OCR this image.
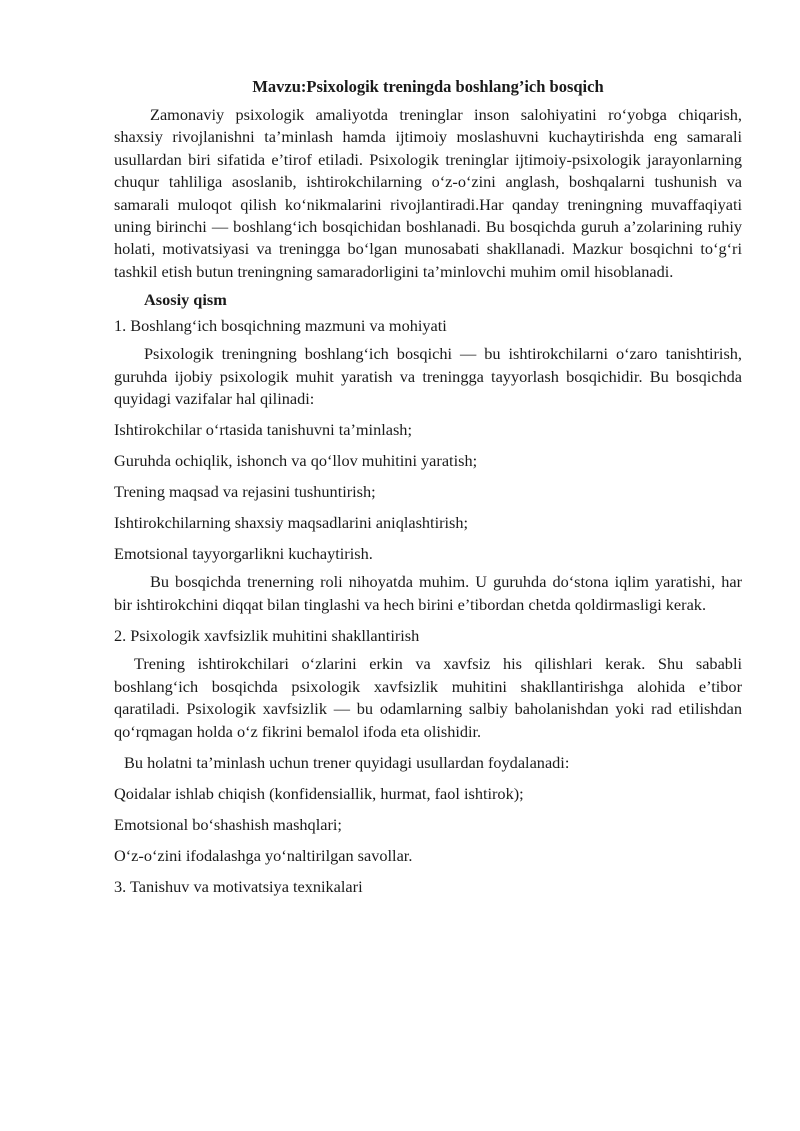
Mavzu:Psixologik treningda boshlang’ich bosqich

Zamonaviy psixologik amaliyotda treninglar inson salohiyatini ro‘yobga chiqarish, shaxsiy rivojlanishni ta’minlash hamda ijtimoiy moslashuvni kuchaytirishda eng samarali usullardan biri sifatida e’tirof etiladi. Psixologik treninglar ijtimoiy-psixologik jarayonlarning chuqur tahliliga asoslanib, ishtirokchilarning o‘z-o‘zini anglash, boshqalarni tushunish va samarali muloqot qilish ko‘nikmalarini rivojlantiradi.Har qanday treningning muvaffaqiyati uning birinchi — boshlang‘ich bosqichidan boshlanadi. Bu bosqichda guruh a’zolarining ruhiy holati, motivatsiyasi va treningga bo‘lgan munosabati shakllanadi. Mazkur bosqichni to‘g‘ri tashkil etish butun treningning samaradorligini ta’minlovchi muhim omil hisoblanadi.

Asosiy qism
1. Boshlang‘ich bosqichning mazmuni va mohiyati

Psixologik treningning boshlang‘ich bosqichi — bu ishtirokchilarni o‘zaro tanishtirish, guruhda ijobiy psixologik muhit yaratish va treningga tayyorlash bosqichidir. Bu bosqichda quyidagi vazifalar hal qilinadi:

Ishtirokchilar o‘rtasida tanishuvni ta’minlash;
Guruhda ochiqlik, ishonch va qo‘llov muhitini yaratish;
Trening maqsad va rejasini tushuntirish;
Ishtirokchilarning shaxsiy maqsadlarini aniqlashtirish;
Emotsional tayyorgarlikni kuchaytirish.

Bu bosqichda trenerning roli nihoyatda muhim. U guruhda do‘stona iqlim yaratishi, har bir ishtirokchini diqqat bilan tinglashi va hech birini e’tibordan chetda qoldirmasligi kerak.

2. Psixologik xavfsizlik muhitini shakllantirish

Trening ishtirokchilari o‘zlarini erkin va xavfsiz his qilishlari kerak. Shu sababli boshlang‘ich bosqichda psixologik xavfsizlik muhitini shakllantirishga alohida e’tibor qaratiladi. Psixologik xavfsizlik — bu odamlarning salbiy baholanishdan yoki rad etilishdan qo‘rqmagan holda o‘z fikrini bemalol ifoda eta olishidir.

Bu holatni ta’minlash uchun trener quyidagi usullardan foydalanadi:
Qoidalar ishlab chiqish (konfidensiallik, hurmat, faol ishtirok);
Emotsional bo‘shashish mashqlari;
O‘z-o‘zini ifodalashga yo‘naltirilgan savollar.
3. Tanishuv va motivatsiya texnikalari
